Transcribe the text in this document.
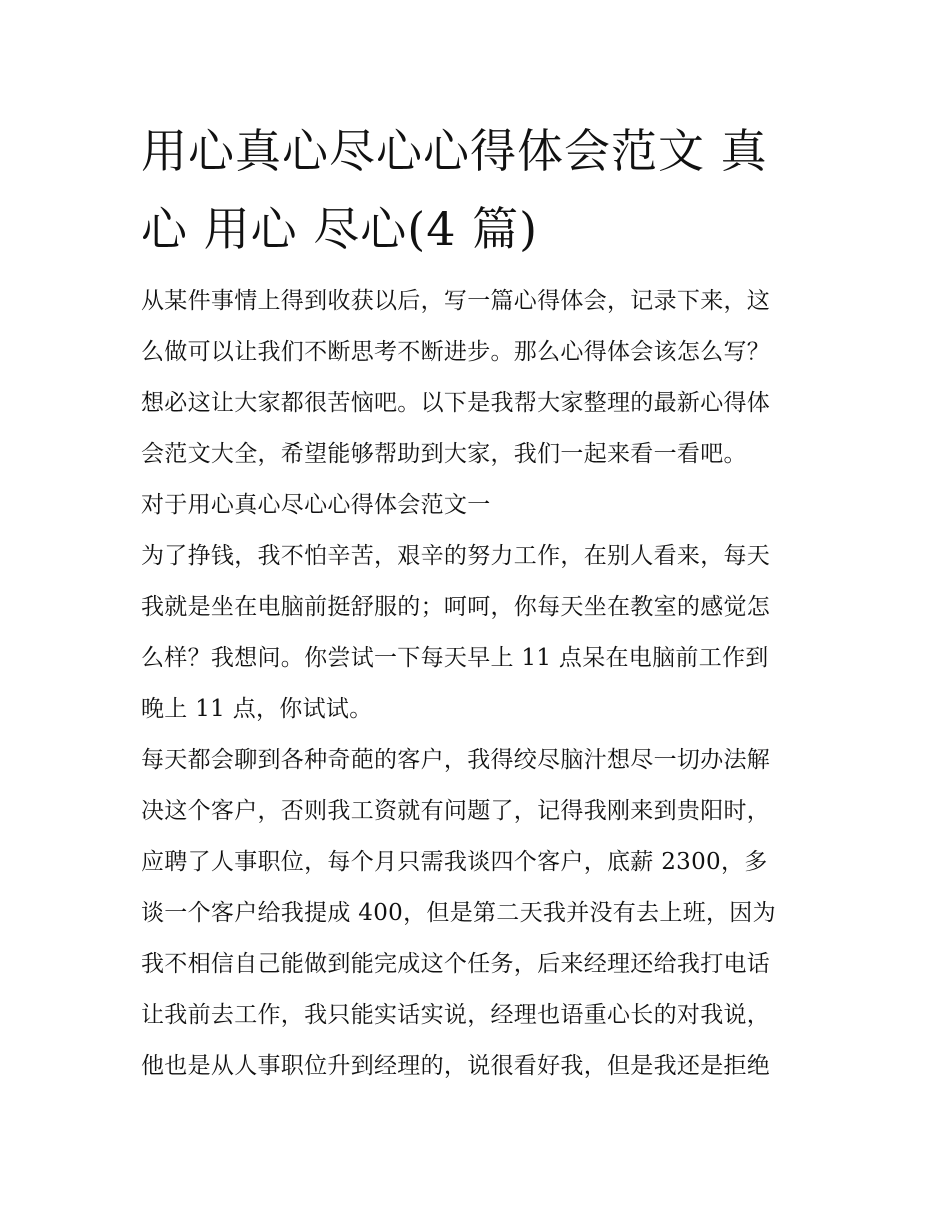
用心真心尽心心得体会范文 真
心 用心 尽心(4 篇)

从某件事情上得到收获以后，写一篇心得体会，记录下来，这
么做可以让我们不断思考不断进步。那么心得体会该怎么写？
想必这让大家都很苦恼吧。以下是我帮大家整理的最新心得体
会范文大全，希望能够帮助到大家，我们一起来看一看吧。

对于用心真心尽心心得体会范文一

为了挣钱，我不怕辛苦，艰辛的努力工作，在别人看来，每天
我就是坐在电脑前挺舒服的；呵呵，你每天坐在教室的感觉怎
么样？我想问。你尝试一下每天早上 11 点呆在电脑前工作到
晚上 11 点，你试试。

每天都会聊到各种奇葩的客户，我得绞尽脑汁想尽一切办法解
决这个客户，否则我工资就有问题了，记得我刚来到贵阳时，
应聘了人事职位，每个月只需我谈四个客户，底薪 2300，多
谈一个客户给我提成 400，但是第二天我并没有去上班，因为
我不相信自己能做到能完成这个任务，后来经理还给我打电话
让我前去工作，我只能实话实说，经理也语重心长的对我说，
他也是从人事职位升到经理的，说很看好我，但是我还是拒绝
